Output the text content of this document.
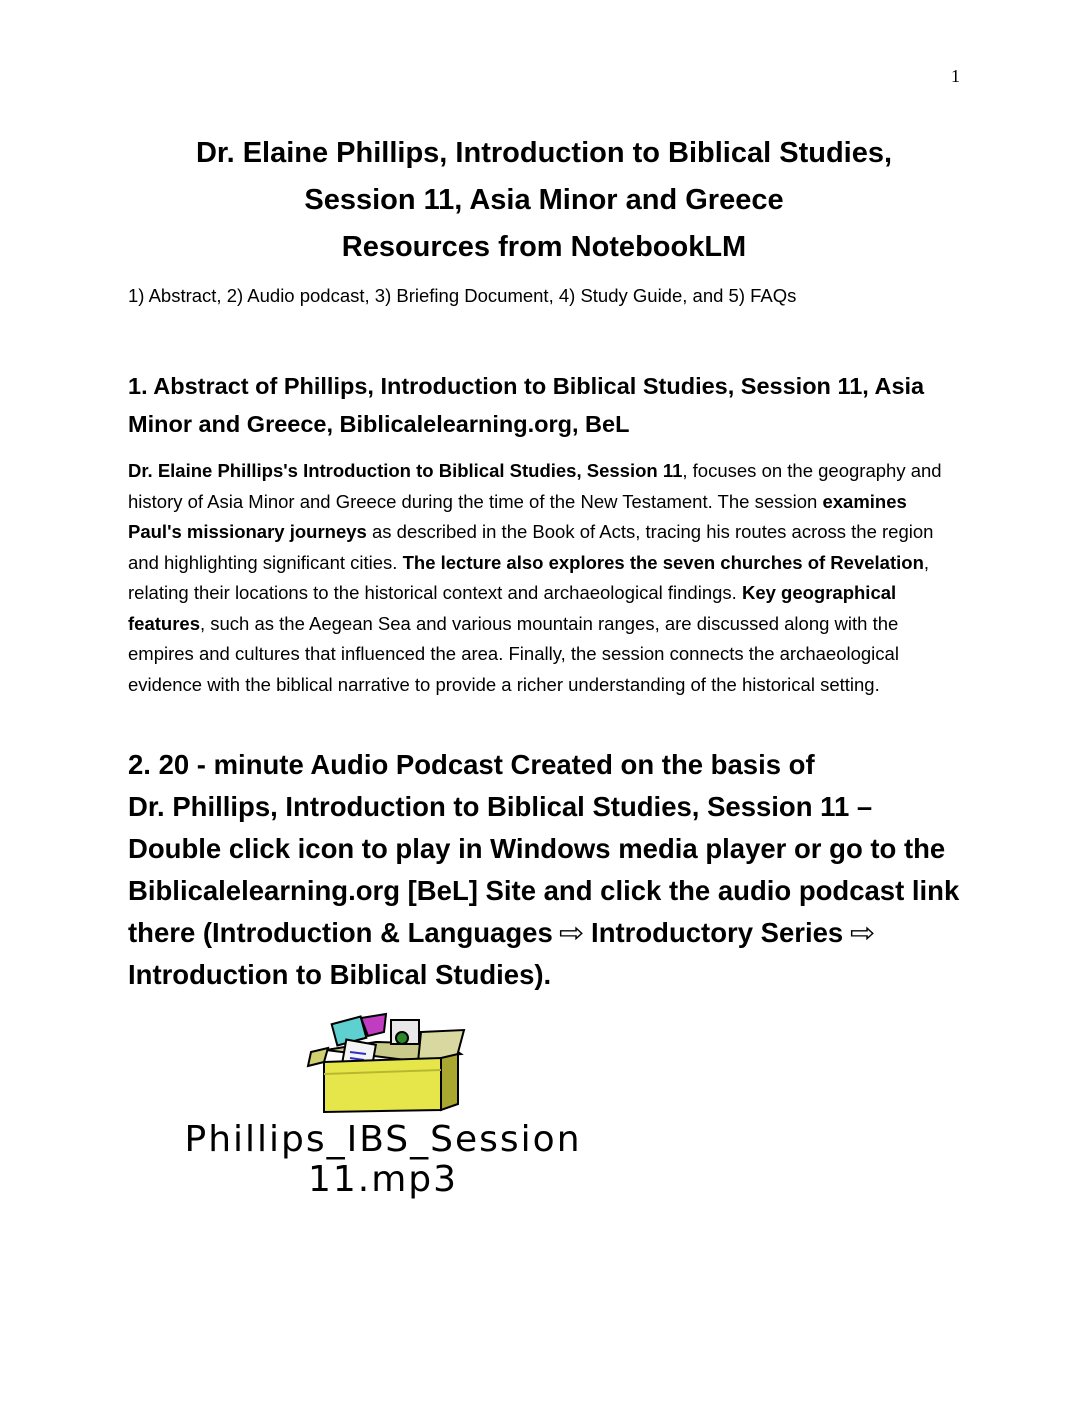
1
Dr. Elaine Phillips, Introduction to Biblical Studies,
Session 11, Asia Minor and Greece
Resources from NotebookLM
1) Abstract, 2) Audio podcast, 3) Briefing Document, 4) Study Guide, and 5) FAQs
1. Abstract of Phillips, Introduction to Biblical Studies, Session 11, Asia
Minor and Greece, Biblicalelearning.org, BeL
Dr. Elaine Phillips's Introduction to Biblical Studies, Session 11, focuses on the geography and history of Asia Minor and Greece during the time of the New Testament. The session examines Paul's missionary journeys as described in the Book of Acts, tracing his routes across the region and highlighting significant cities. The lecture also explores the seven churches of Revelation, relating their locations to the historical context and archaeological findings. Key geographical features, such as the Aegean Sea and various mountain ranges, are discussed along with the empires and cultures that influenced the area. Finally, the session connects the archaeological evidence with the biblical narrative to provide a richer understanding of the historical setting.
2. 20 - minute Audio Podcast Created on the basis of
Dr. Phillips, Introduction to Biblical Studies, Session 11 –
Double click icon to play in Windows media player or go to the
Biblicalelearning.org [BeL] Site and click the audio podcast link
there (Introduction & Languages ⇨ Introductory Series ⇨
Introduction to Biblical Studies).
Phillips_IBS_Session
11.mp3
